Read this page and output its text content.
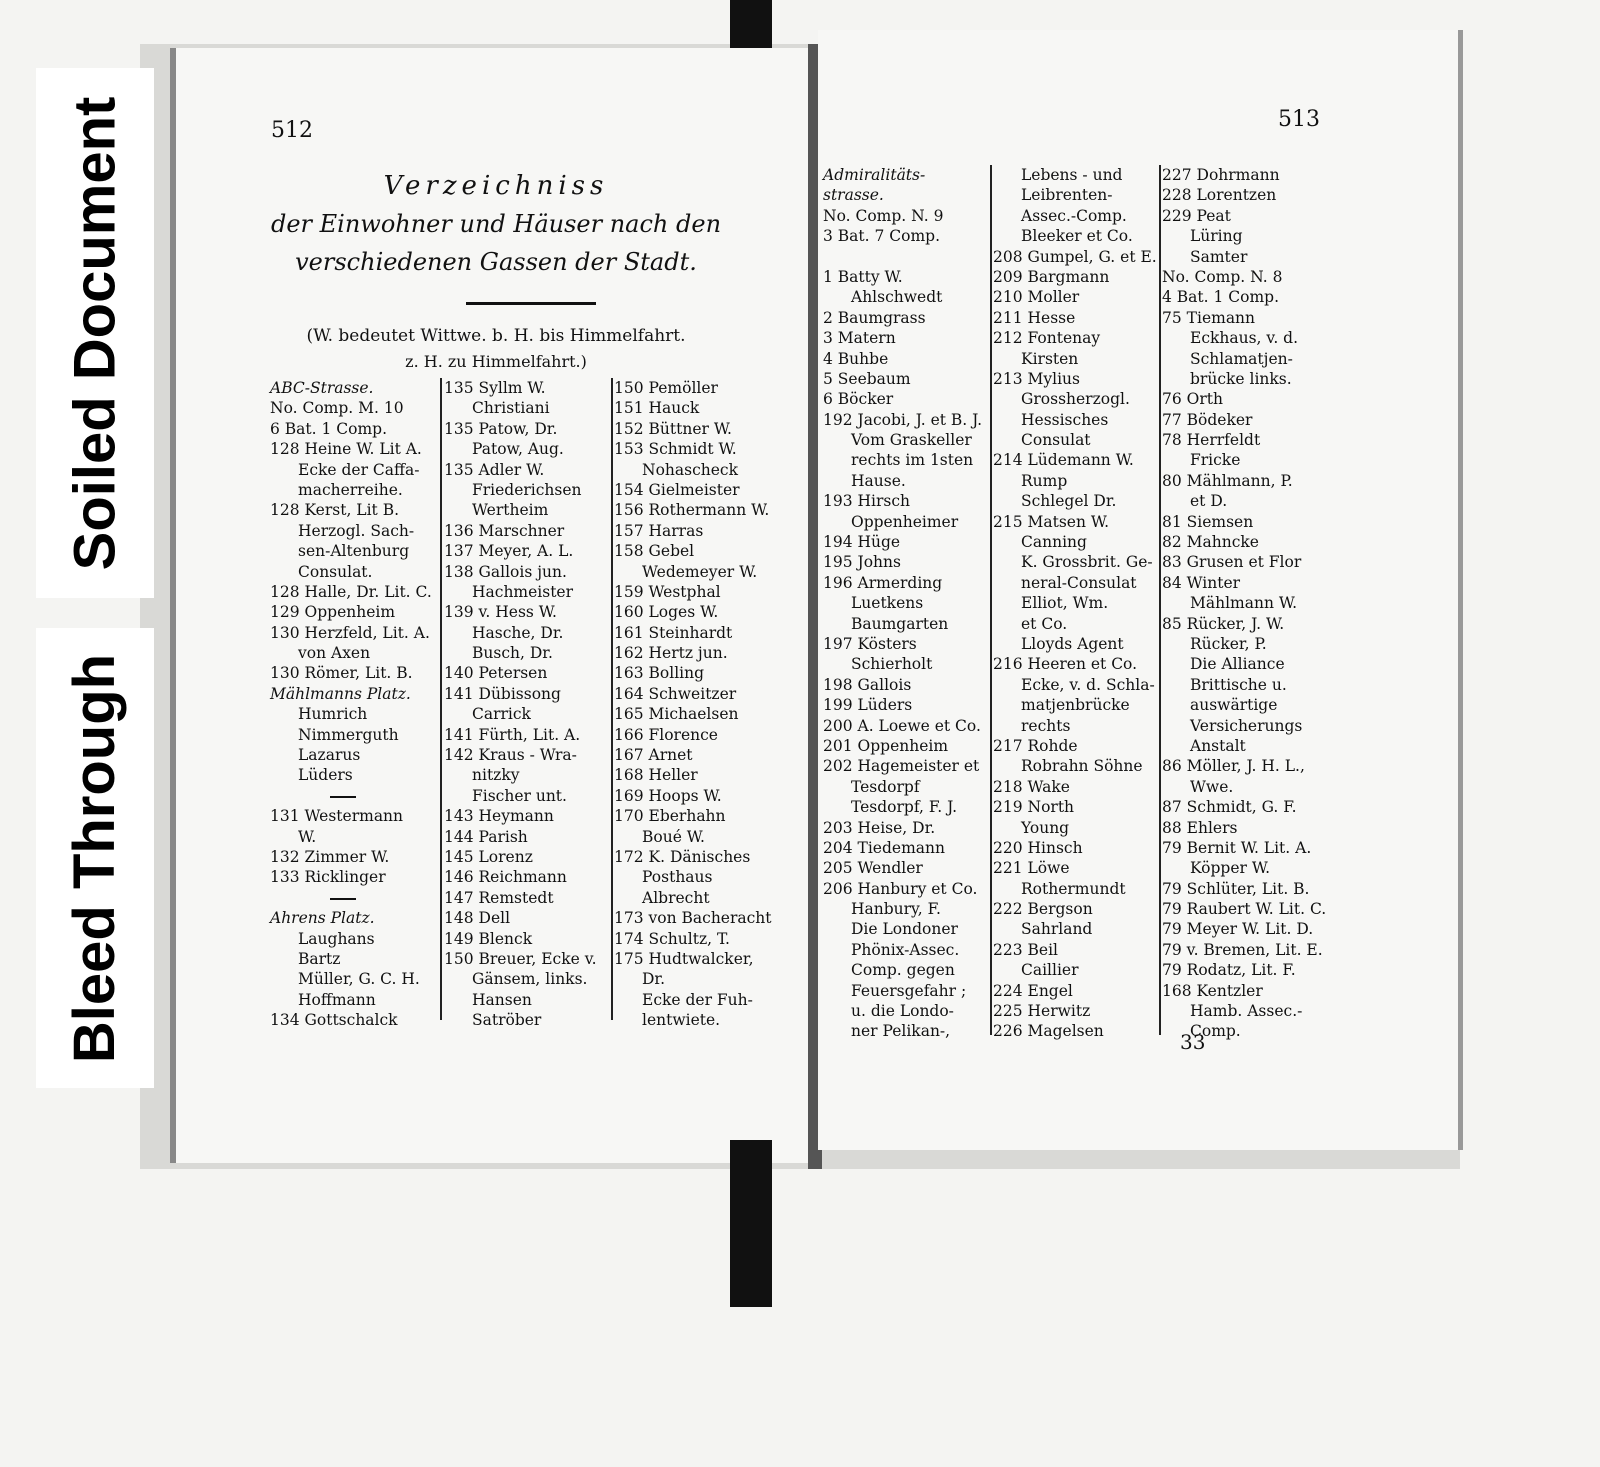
512
Verzeichniss
der Einwohner und Häuser nach den
verschiedenen Gassen der Stadt.
(W. bedeutet Wittwe. b. H. bis Himmelfahrt.
z. H. zu Himmelfahrt.)
ABC-Strasse.
No. Comp. M. 10
6 Bat. 1 Comp.
128 Heine W. Lit A.
Ecke der Caffa-
macherreihe.
128 Kerst, Lit B.
Herzogl. Sach-
sen-Altenburg
Consulat.
128 Halle, Dr. Lit. C.
129 Oppenheim
130 Herzfeld, Lit. A.
von Axen
130 Römer, Lit. B.
Mählmanns Platz.
Humrich
Nimmerguth
Lazarus
Lüders
131 Westermann
W.
132 Zimmer W.
133 Ricklinger
Ahrens Platz.
Laughans
Bartz
Müller, G. C. H.
Hoffmann
134 Gottschalck
135 Syllm W.
Christiani
135 Patow, Dr.
Patow, Aug.
135 Adler W.
Friederichsen
Wertheim
136 Marschner
137 Meyer, A. L.
138 Gallois jun.
Hachmeister
139 v. Hess W.
Hasche, Dr.
Busch, Dr.
140 Petersen
141 Dübissong
Carrick
141 Fürth, Lit. A.
142 Kraus - Wra-
nitzky
Fischer unt.
143 Heymann
144 Parish
145 Lorenz
146 Reichmann
147 Remstedt
148 Dell
149 Blenck
150 Breuer, Ecke v.
Gänsem, links.
Hansen
Satröber
150 Pemöller
151 Hauck
152 Büttner W.
153 Schmidt W.
Nohascheck
154 Gielmeister
156 Rothermann W.
157 Harras
158 Gebel
Wedemeyer W.
159 Westphal
160 Loges W.
161 Steinhardt
162 Hertz jun.
163 Bolling
164 Schweitzer
165 Michaelsen
166 Florence
167 Arnet
168 Heller
169 Hoops W.
170 Eberhahn
Boué W.
172 K. Dänisches
Posthaus
Albrecht
173 von Bacheracht
174 Schultz, T.
175 Hudtwalcker,
Dr.
Ecke der Fuh-
lentwiete.
513
Admiralitäts-
strasse.
No. Comp. N. 9
3 Bat. 7 Comp.
1 Batty W.
Ahlschwedt
2 Baumgrass
3 Matern
4 Buhbe
5 Seebaum
6 Böcker
192 Jacobi, J. et B. J.
Vom Graskeller
rechts im 1sten
Hause.
193 Hirsch
Oppenheimer
194 Hüge
195 Johns
196 Armerding
Luetkens
Baumgarten
197 Kösters
Schierholt
198 Gallois
199 Lüders
200 A. Loewe et Co.
201 Oppenheim
202 Hagemeister et
Tesdorpf
Tesdorpf, F. J.
203 Heise, Dr.
204 Tiedemann
205 Wendler
206 Hanbury et Co.
Hanbury, F.
Die Londoner
Phönix-Assec.
Comp. gegen
Feuersgefahr ;
u. die Londo-
ner Pelikan-,
Lebens - und
Leibrenten-
Assec.-Comp.
Bleeker et Co.
208 Gumpel, G. et E.
209 Bargmann
210 Moller
211 Hesse
212 Fontenay
Kirsten
213 Mylius
Grossherzogl.
Hessisches
Consulat
214 Lüdemann W.
Rump
Schlegel Dr.
215 Matsen W.
Canning
K. Grossbrit. Ge-
neral-Consulat
Elliot, Wm.
et Co.
Lloyds Agent
216 Heeren et Co.
Ecke, v. d. Schla-
matjenbrücke
rechts
217 Rohde
Robrahn Söhne
218 Wake
219 North
Young
220 Hinsch
221 Löwe
Rothermundt
222 Bergson
Sahrland
223 Beil
Caillier
224 Engel
225 Herwitz
226 Magelsen
227 Dohrmann
228 Lorentzen
229 Peat
Lüring
Samter
No. Comp. N. 8
4 Bat. 1 Comp.
75 Tiemann
Eckhaus, v. d.
Schlamatjen-
brücke links.
76 Orth
77 Bödeker
78 Herrfeldt
Fricke
80 Mählmann, P.
et D.
81 Siemsen
82 Mahncke
83 Grusen et Flor
84 Winter
Mählmann W.
85 Rücker, J. W.
Rücker, P.
Die Alliance
Brittische u.
auswärtige
Versicherungs
Anstalt
86 Möller, J. H. L.,
Wwe.
87 Schmidt, G. F.
88 Ehlers
79 Bernit W. Lit. A.
Köpper W.
79 Schlüter, Lit. B.
79 Raubert W. Lit. C.
79 Meyer W. Lit. D.
79 v. Bremen, Lit. E.
79 Rodatz, Lit. F.
168 Kentzler
Hamb. Assec.-
Comp.
33
Soiled Document
Bleed Through
